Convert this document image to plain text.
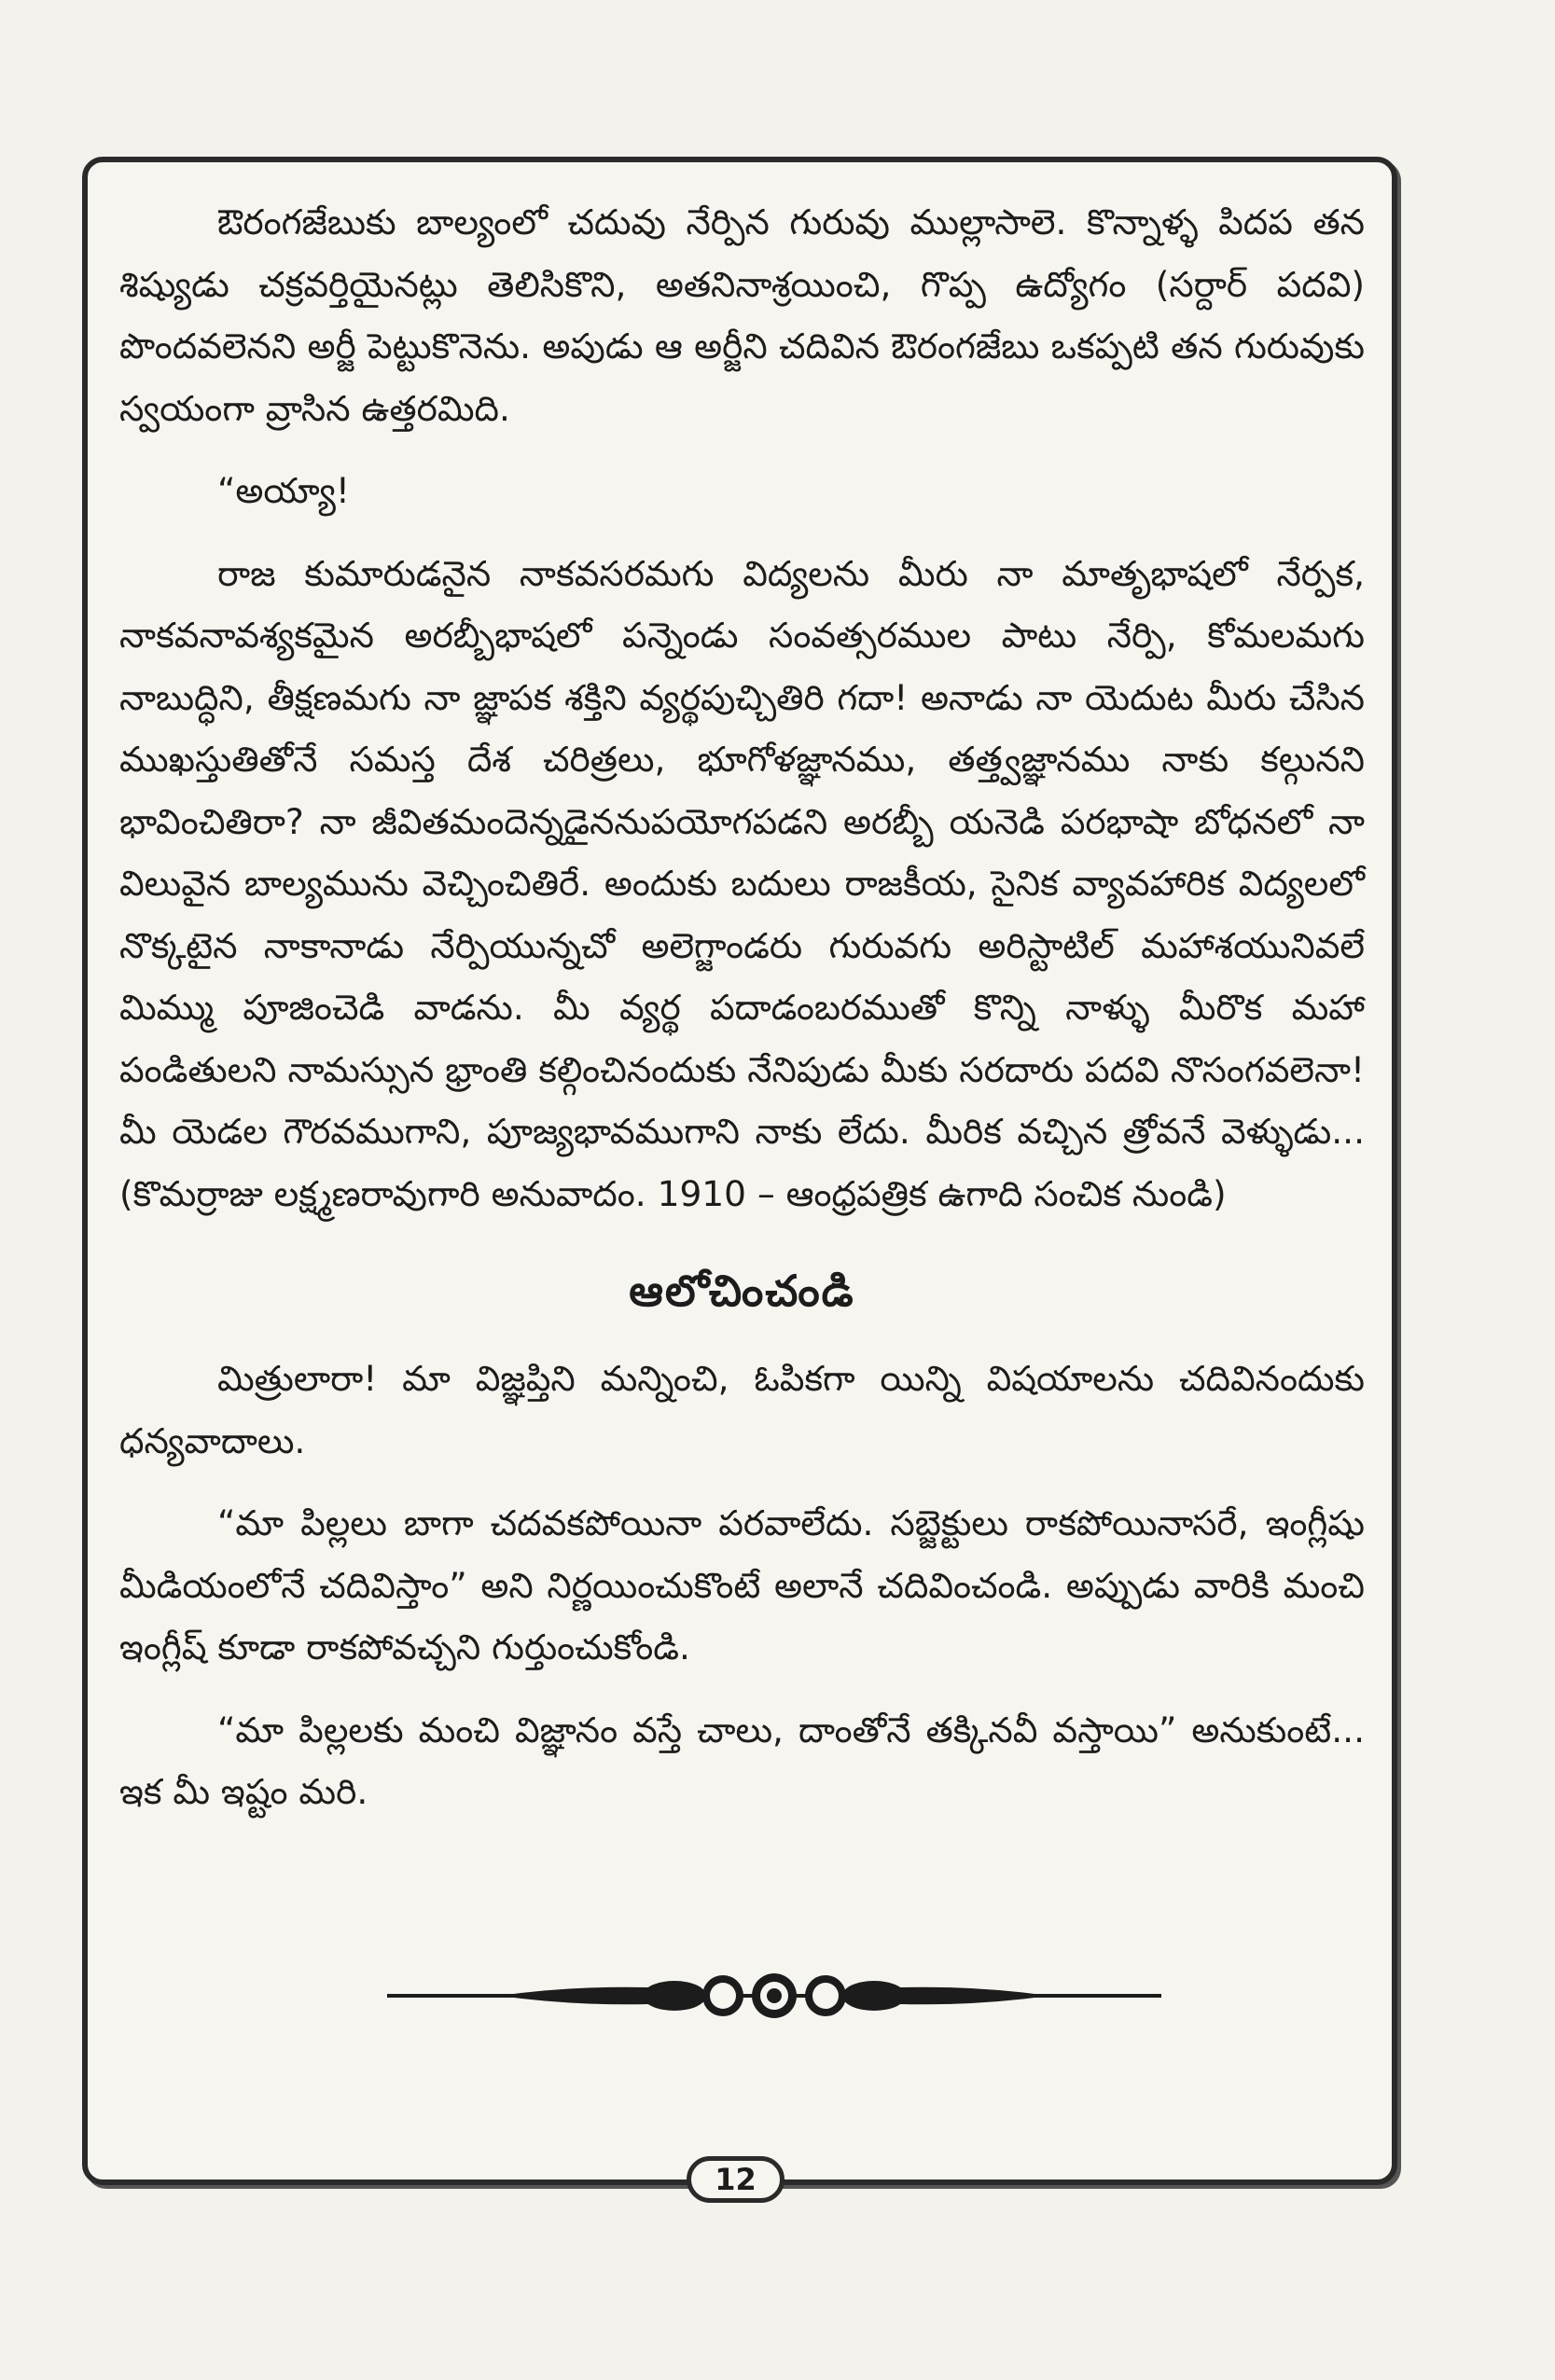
ఔరంగజేబుకు బాల్యంలో చదువు నేర్పిన గురువు ముల్లాసాలె. కొన్నాళ్ళ పిదప తన శిష్యుడు చక్రవర్తియైనట్లు తెలిసికొని, అతనినాశ్రయించి, గొప్ప ఉద్యోగం (సర్దార్ పదవి) పొందవలెనని అర్జీ పెట్టుకొనెను. అపుడు ఆ అర్జీని చదివిన ఔరంగజేబు ఒకప్పటి తన గురువుకు స్వయంగా వ్రాసిన ఉత్తరమిది.

“అయ్యా!

రాజ కుమారుడనైన నాకవసరమగు విద్యలను మీరు నా మాతృభాషలో నేర్పక, నాకవనావశ్యకమైన అరబ్బీభాషలో పన్నెండు సంవత్సరముల పాటు నేర్పి, కోమలమగు నాబుద్ధిని, తీక్షణమగు నా జ్ఞాపక శక్తిని వ్యర్థపుచ్చితిరి గదా! అనాడు నా యెదుట మీరు చేసిన ముఖస్తుతితోనే సమస్త దేశ చరిత్రలు, భూగోళజ్ఞానము, తత్త్వజ్ఞానము నాకు కల్గునని భావించితిరా? నా జీవితమందెన్నడైననుపయోగపడని అరబ్బీ యనెడి పరభాషా బోధనలో నా విలువైన బాల్యమును వెచ్చించితిరే. అందుకు బదులు రాజకీయ, సైనిక వ్యావహారిక విద్యలలో నొక్కటైన నాకానాడు నేర్పియున్నచో అలెగ్జాండరు గురువగు అరిస్టాటిల్ మహాశయునివలే మిమ్ము పూజించెడి వాడను. మీ వ్యర్థ పదాడంబరముతో కొన్ని నాళ్ళు మీరొక మహా పండితులని నామస్సున భ్రాంతి కల్గించినందుకు నేనిపుడు మీకు సరదారు పదవి నొసంగవలెనా! మీ యెడల గౌరవముగాని, పూజ్యభావముగాని నాకు లేదు. మీరిక వచ్చిన త్రోవనే వెళ్ళుడు... (కొమర్రాజు లక్ష్మణరావుగారి అనువాదం. 1910 – ఆంధ్రపత్రిక ఉగాది సంచిక నుండి)

ఆలోచించండి

మిత్రులారా! మా విజ్ఞప్తిని మన్నించి, ఓపికగా యిన్ని విషయాలను చదివినందుకు ధన్యవాదాలు.

“మా పిల్లలు బాగా చదవకపోయినా పరవాలేదు. సబ్జెక్టులు రాకపోయినాసరే, ఇంగ్లీషు మీడియంలోనే చదివిస్తాం” అని నిర్ణయించుకొంటే అలానే చదివించండి. అప్పుడు వారికి మంచి ఇంగ్లీష్ కూడా రాకపోవచ్చని గుర్తుంచుకోండి.

“మా పిల్లలకు మంచి విజ్ఞానం వస్తే చాలు, దాంతోనే తక్కినవీ వస్తాయి” అనుకుంటే... ఇక మీ ఇష్టం మరి.

12
